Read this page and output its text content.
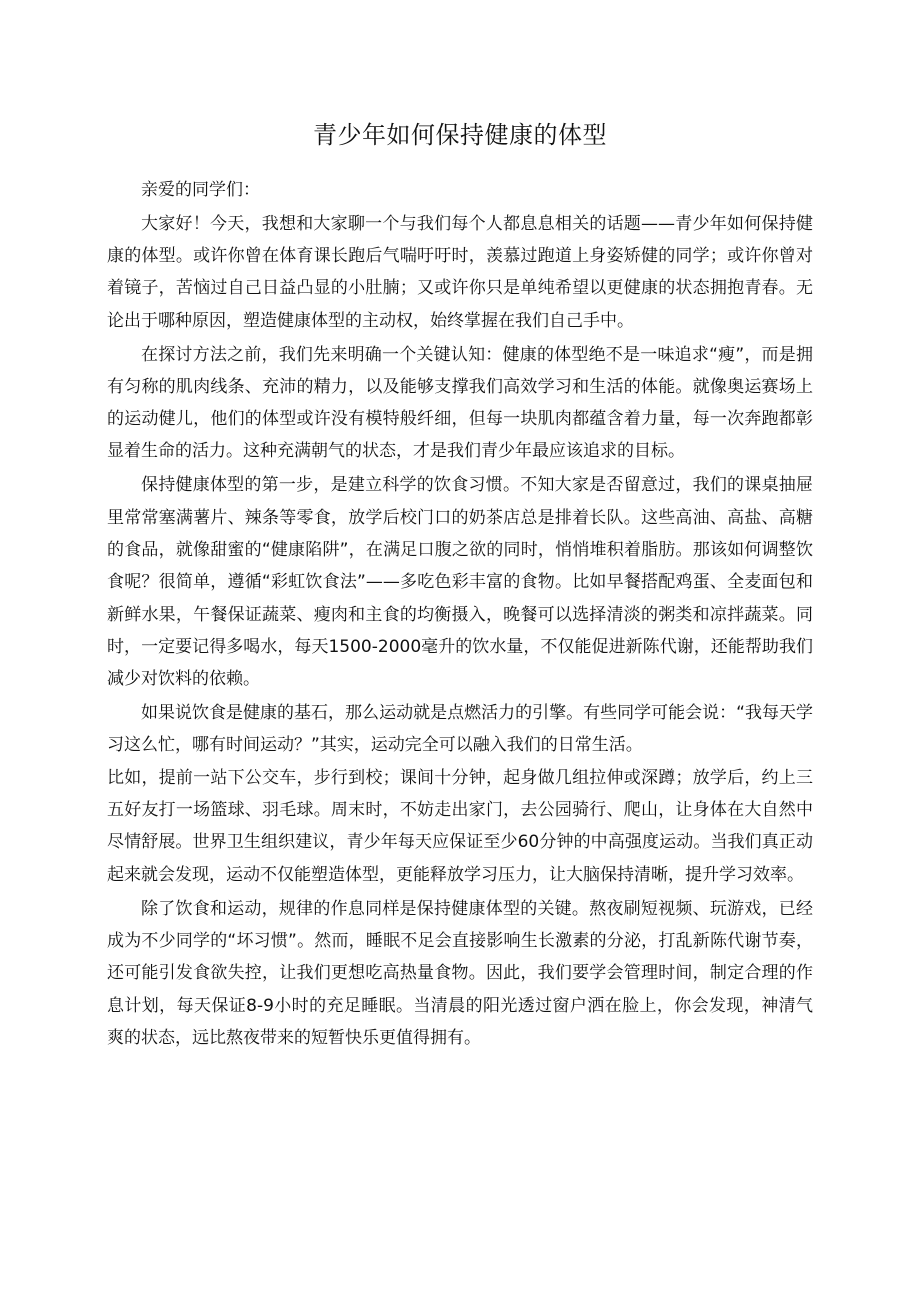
青少年如何保持健康的体型

亲爱的同学们：

大家好！今天，我想和大家聊一个与我们每个人都息息相关的话题——青少年如何保持健康的体型。或许你曾在体育课长跑后气喘吁吁时，羡慕过跑道上身姿矫健的同学；或许你曾对着镜子，苦恼过自己日益凸显的小肚腩；又或许你只是单纯希望以更健康的状态拥抱青春。无论出于哪种原因，塑造健康体型的主动权，始终掌握在我们自己手中。

在探讨方法之前，我们先来明确一个关键认知：健康的体型绝不是一味追求“瘦”，而是拥有匀称的肌肉线条、充沛的精力，以及能够支撑我们高效学习和生活的体能。就像奥运赛场上的运动健儿，他们的体型或许没有模特般纤细，但每一块肌肉都蕴含着力量，每一次奔跑都彰显着生命的活力。这种充满朝气的状态，才是我们青少年最应该追求的目标。

保持健康体型的第一步，是建立科学的饮食习惯。不知大家是否留意过，我们的课桌抽屉里常常塞满薯片、辣条等零食，放学后校门口的奶茶店总是排着长队。这些高油、高盐、高糖的食品，就像甜蜜的“健康陷阱”，在满足口腹之欲的同时，悄悄堆积着脂肪。那该如何调整饮食呢？很简单，遵循“彩虹饮食法”——多吃色彩丰富的食物。比如早餐搭配鸡蛋、全麦面包和新鲜水果，午餐保证蔬菜、瘦肉和主食的均衡摄入，晚餐可以选择清淡的粥类和凉拌蔬菜。同时，一定要记得多喝水，每天1500-2000毫升的饮水量，不仅能促进新陈代谢，还能帮助我们减少对饮料的依赖。

如果说饮食是健康的基石，那么运动就是点燃活力的引擎。有些同学可能会说：“我每天学习这么忙，哪有时间运动？”其实，运动完全可以融入我们的日常生活。

比如，提前一站下公交车，步行到校；课间十分钟，起身做几组拉伸或深蹲；放学后，约上三五好友打一场篮球、羽毛球。周末时，不妨走出家门，去公园骑行、爬山，让身体在大自然中尽情舒展。世界卫生组织建议，青少年每天应保证至少60分钟的中高强度运动。当我们真正动起来就会发现，运动不仅能塑造体型，更能释放学习压力，让大脑保持清晰，提升学习效率。

除了饮食和运动，规律的作息同样是保持健康体型的关键。熬夜刷短视频、玩游戏，已经成为不少同学的“坏习惯”。然而，睡眠不足会直接影响生长激素的分泌，打乱新陈代谢节奏，还可能引发食欲失控，让我们更想吃高热量食物。因此，我们要学会管理时间，制定合理的作息计划，每天保证8-9小时的充足睡眠。当清晨的阳光透过窗户洒在脸上，你会发现，神清气爽的状态，远比熬夜带来的短暂快乐更值得拥有。
